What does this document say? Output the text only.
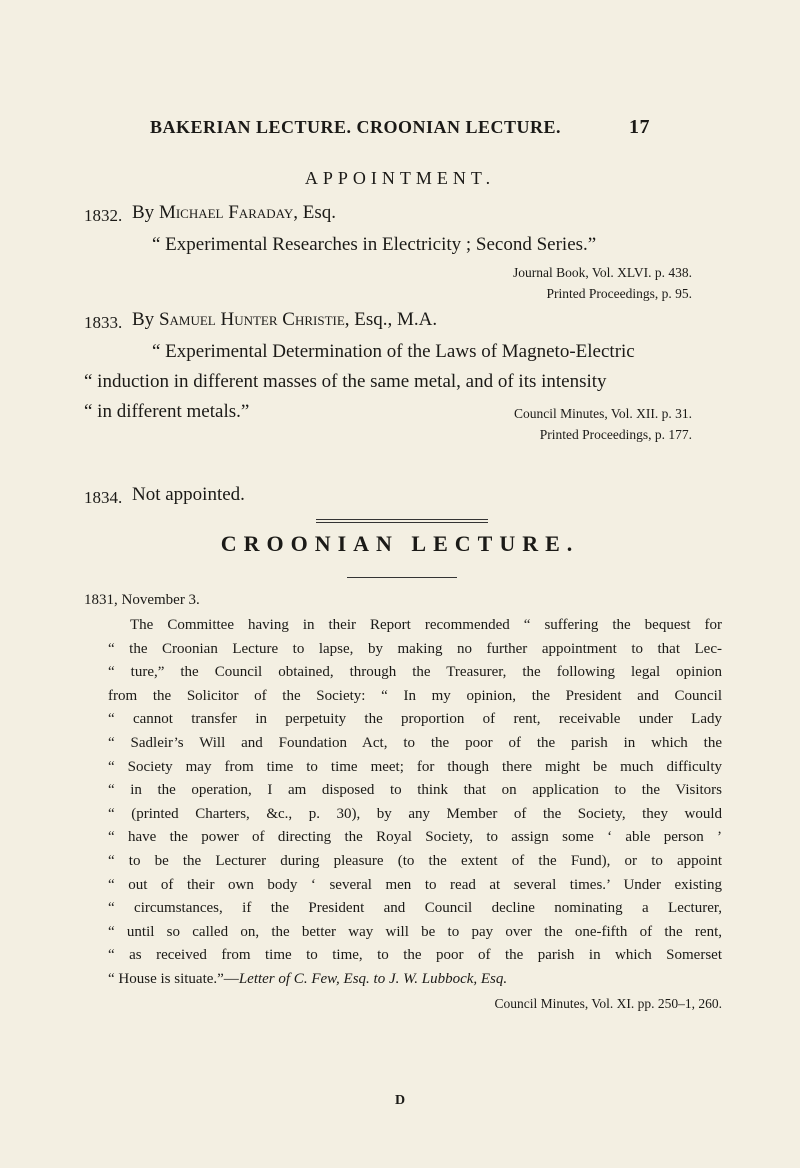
BAKERIAN LECTURE. CROONIAN LECTURE.	17
APPOINTMENT.
1832. By Michael Faraday, Esq.
“ Experimental Researches in Electricity ; Second Series.”
Journal Book, Vol. XLVI. p. 438.
Printed Proceedings, p. 95.
1833. By Samuel Hunter Christie, Esq., M.A.
“ Experimental Determination of the Laws of Magneto-Electric
“ induction in different masses of the same metal, and of its intensity
“ in different metals.”	Council Minutes, Vol. XII. p. 31.
Printed Proceedings, p. 177.
1834. Not appointed.
CROONIAN LECTURE.
1831, November 3.
The Committee having in their Report recommended “ suffering the bequest for
“ the Croonian Lecture to lapse, by making no further appointment to that Lec-
“ ture,” the Council obtained, through the Treasurer, the following legal opinion
from the Solicitor of the Society: “ In my opinion, the President and Council
“ cannot transfer in perpetuity the proportion of rent, receivable under Lady
“ Sadleir’s Will and Foundation Act, to the poor of the parish in which the
“ Society may from time to time meet; for though there might be much difficulty
“ in the operation, I am disposed to think that on application to the Visitors
“ (printed Charters, &c., p. 30), by any Member of the Society, they would
“ have the power of directing the Royal Society, to assign some ‘ able person ’
“ to be the Lecturer during pleasure (to the extent of the Fund), or to appoint
“ out of their own body ‘ several men to read at several times.’ Under existing
“ circumstances, if the President and Council decline nominating a Lecturer,
“ until so called on, the better way will be to pay over the one-fifth of the rent,
“ as received from time to time, to the poor of the parish in which Somerset
“ House is situate.”—Letter of C. Few, Esq. to J. W. Lubbock, Esq.
Council Minutes, Vol. XI. pp. 250–1, 260.
D
